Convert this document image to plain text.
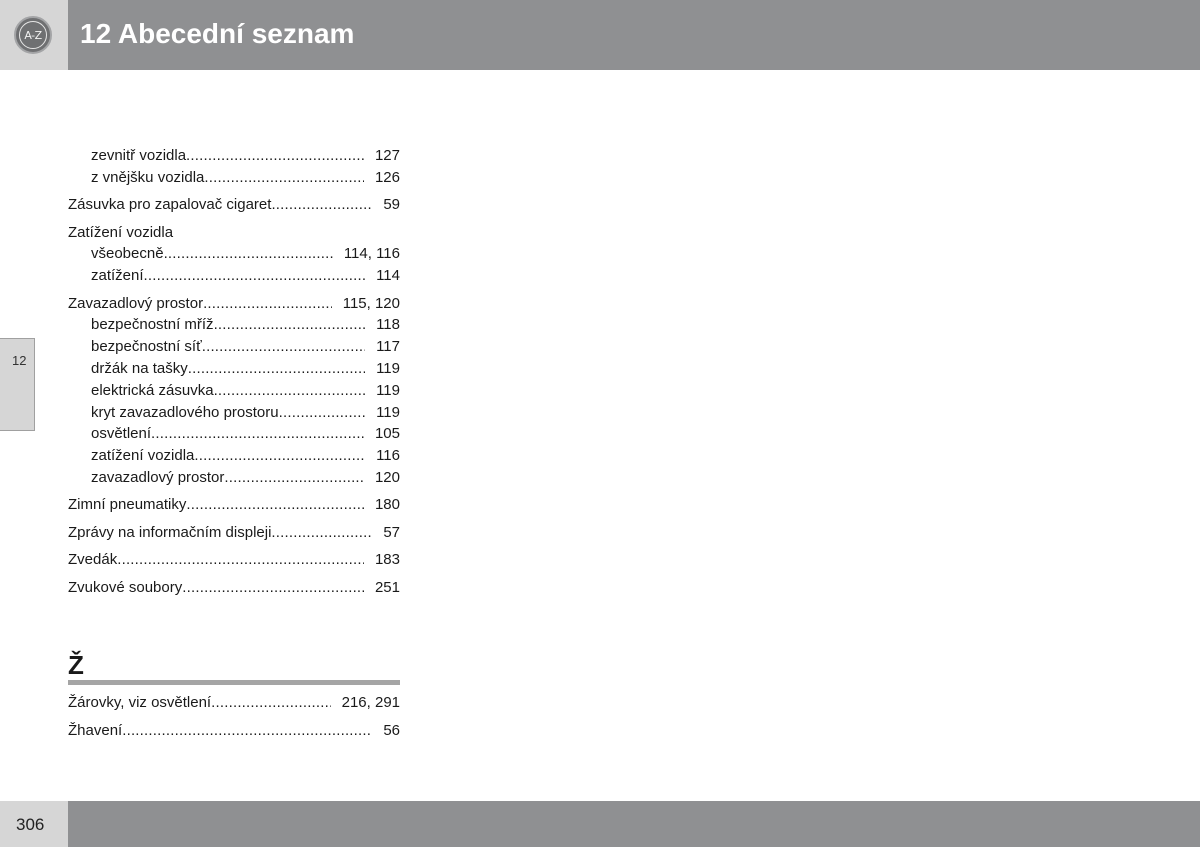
A-Z 12 Abecední seznam
12
zevnitř vozidla .....	127
z vnějšku vozidla .....	126
Zásuvka pro zapalovač cigaret .....	59
Zatížení vozidla
všeobecně .....	114, 116
zatížení .....	114
Zavazadlový prostor .....	115, 120
bezpečnostní mříž .....	118
bezpečnostní síť .....	117
držák na tašky .....	119
elektrická zásuvka .....	119
kryt zavazadlového prostoru .....	119
osvětlení .....	105
zatížení vozidla .....	116
zavazadlový prostor .....	120
Zimní pneumatiky .....	180
Zprávy na informačním displeji .....	57
Zvedák .....	183
Zvukové soubory .....	251
Ž
Žárovky, viz osvětlení .....	216, 291
Žhavení .....	56
306
